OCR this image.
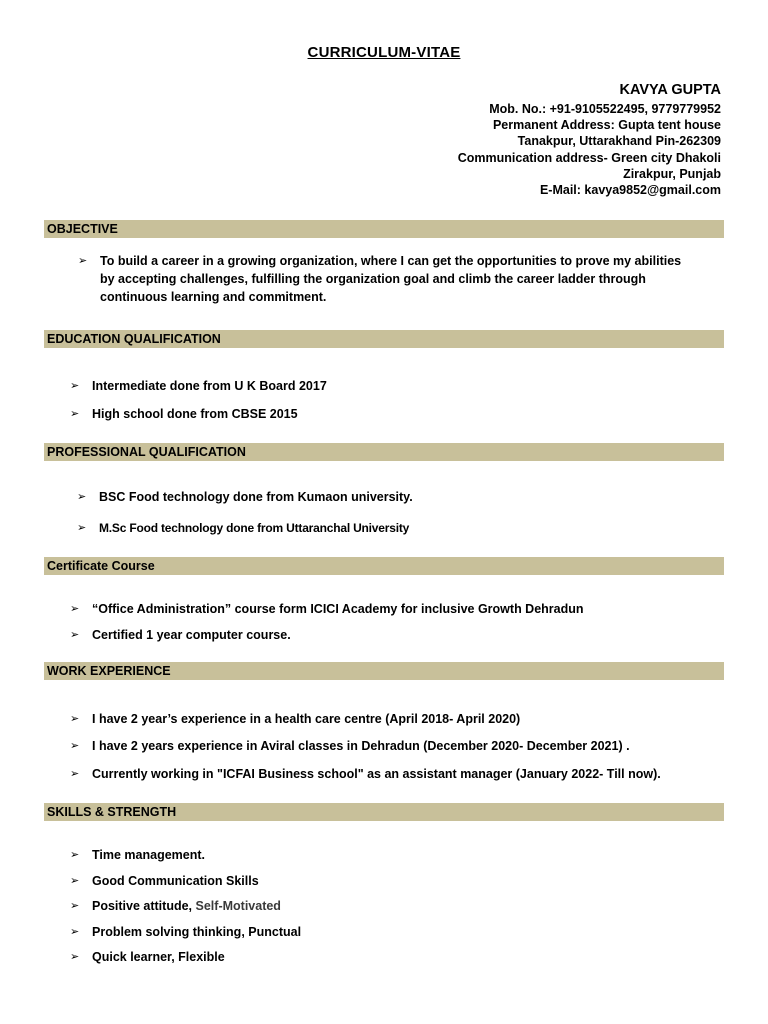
CURRICULUM-VITAE
KAVYA GUPTA
Mob. No.: +91-9105522495, 9779779952
Permanent Address: Gupta tent house
Tanakpur, Uttarakhand Pin-262309
Communication address- Green city Dhakoli
Zirakpur, Punjab
E-Mail: kavya9852@gmail.com
OBJECTIVE
➢	To build a career in a growing organization, where I can get the opportunities to prove my abilities by accepting challenges, fulfilling the organization goal and climb the career ladder through continuous learning and commitment.
EDUCATION QUALIFICATION
➢	Intermediate done from U K Board 2017
➢	High school done from CBSE 2015
PROFESSIONAL QUALIFICATION
➢	BSC Food technology done from Kumaon university.
➢	M.Sc Food technology done from Uttaranchal University
Certificate Course
➢	“Office Administration” course form ICICI Academy for inclusive Growth Dehradun
➢	Certified 1 year computer course.
WORK EXPERIENCE
➢	I have 2 year’s experience in a health care centre (April 2018- April 2020)
➢	I have 2 years experience in Aviral classes in Dehradun (December 2020- December 2021) .
➢	Currently working in "ICFAI Business school" as an assistant manager (January 2022- Till now).
SKILLS & STRENGTH
➢	Time management.
➢	Good Communication Skills
➢	Positive attitude, Self-Motivated
➢	Problem solving thinking, Punctual
➢	Quick learner, Flexible
